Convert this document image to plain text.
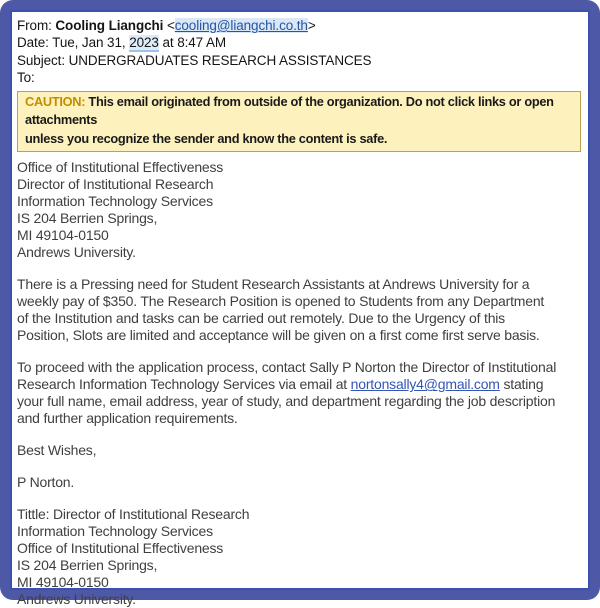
From: Cooling Liangchi <cooling@liangchi.co.th>
Date: Tue, Jan 31, 2023 at 8:47 AM
Subject: UNDERGRADUATES RESEARCH ASSISTANCES
To:
CAUTION: This email originated from outside of the organization. Do not click links or open attachments
unless you recognize the sender and know the content is safe.
Office of Institutional Effectiveness
Director of Institutional Research
Information Technology Services
IS 204 Berrien Springs,
MI 49104-0150
Andrews University.
There is a Pressing need for Student Research Assistants at Andrews University for a
weekly pay of $350. The Research Position is opened to Students from any Department
of the Institution and tasks can be carried out remotely. Due to the Urgency of this
Position, Slots are limited and acceptance will be given on a first come first serve basis.
To proceed with the application process, contact Sally P Norton the Director of Institutional
Research Information Technology Services via email at nortonsally4@gmail.com stating
your full name, email address, year of study, and department regarding the job description
and further application requirements.
Best Wishes,
P Norton.
Tittle: Director of Institutional Research
Information Technology Services
Office of Institutional Effectiveness
IS 204 Berrien Springs,
MI 49104-0150
Andrews University.
